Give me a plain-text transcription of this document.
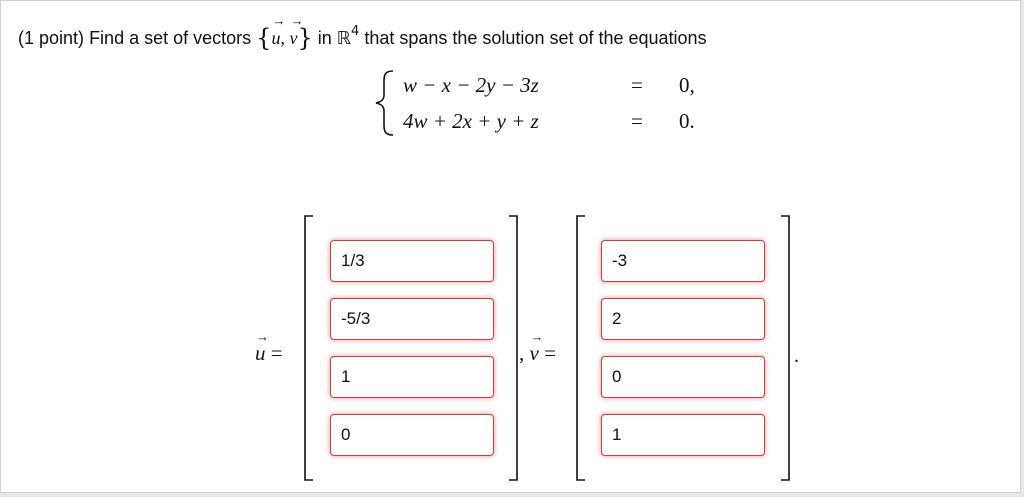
(1 point) Find a set of vectors {
→
u,
→
v} in ℝ$^4$ that spans the solution set of the equations
w − x − 2y − 3z	= 0,
4w + 2x + y + z	= 0.
→
u =
1/3
-5/3
1
0	,
→
v =
-3
2
0
1	.
